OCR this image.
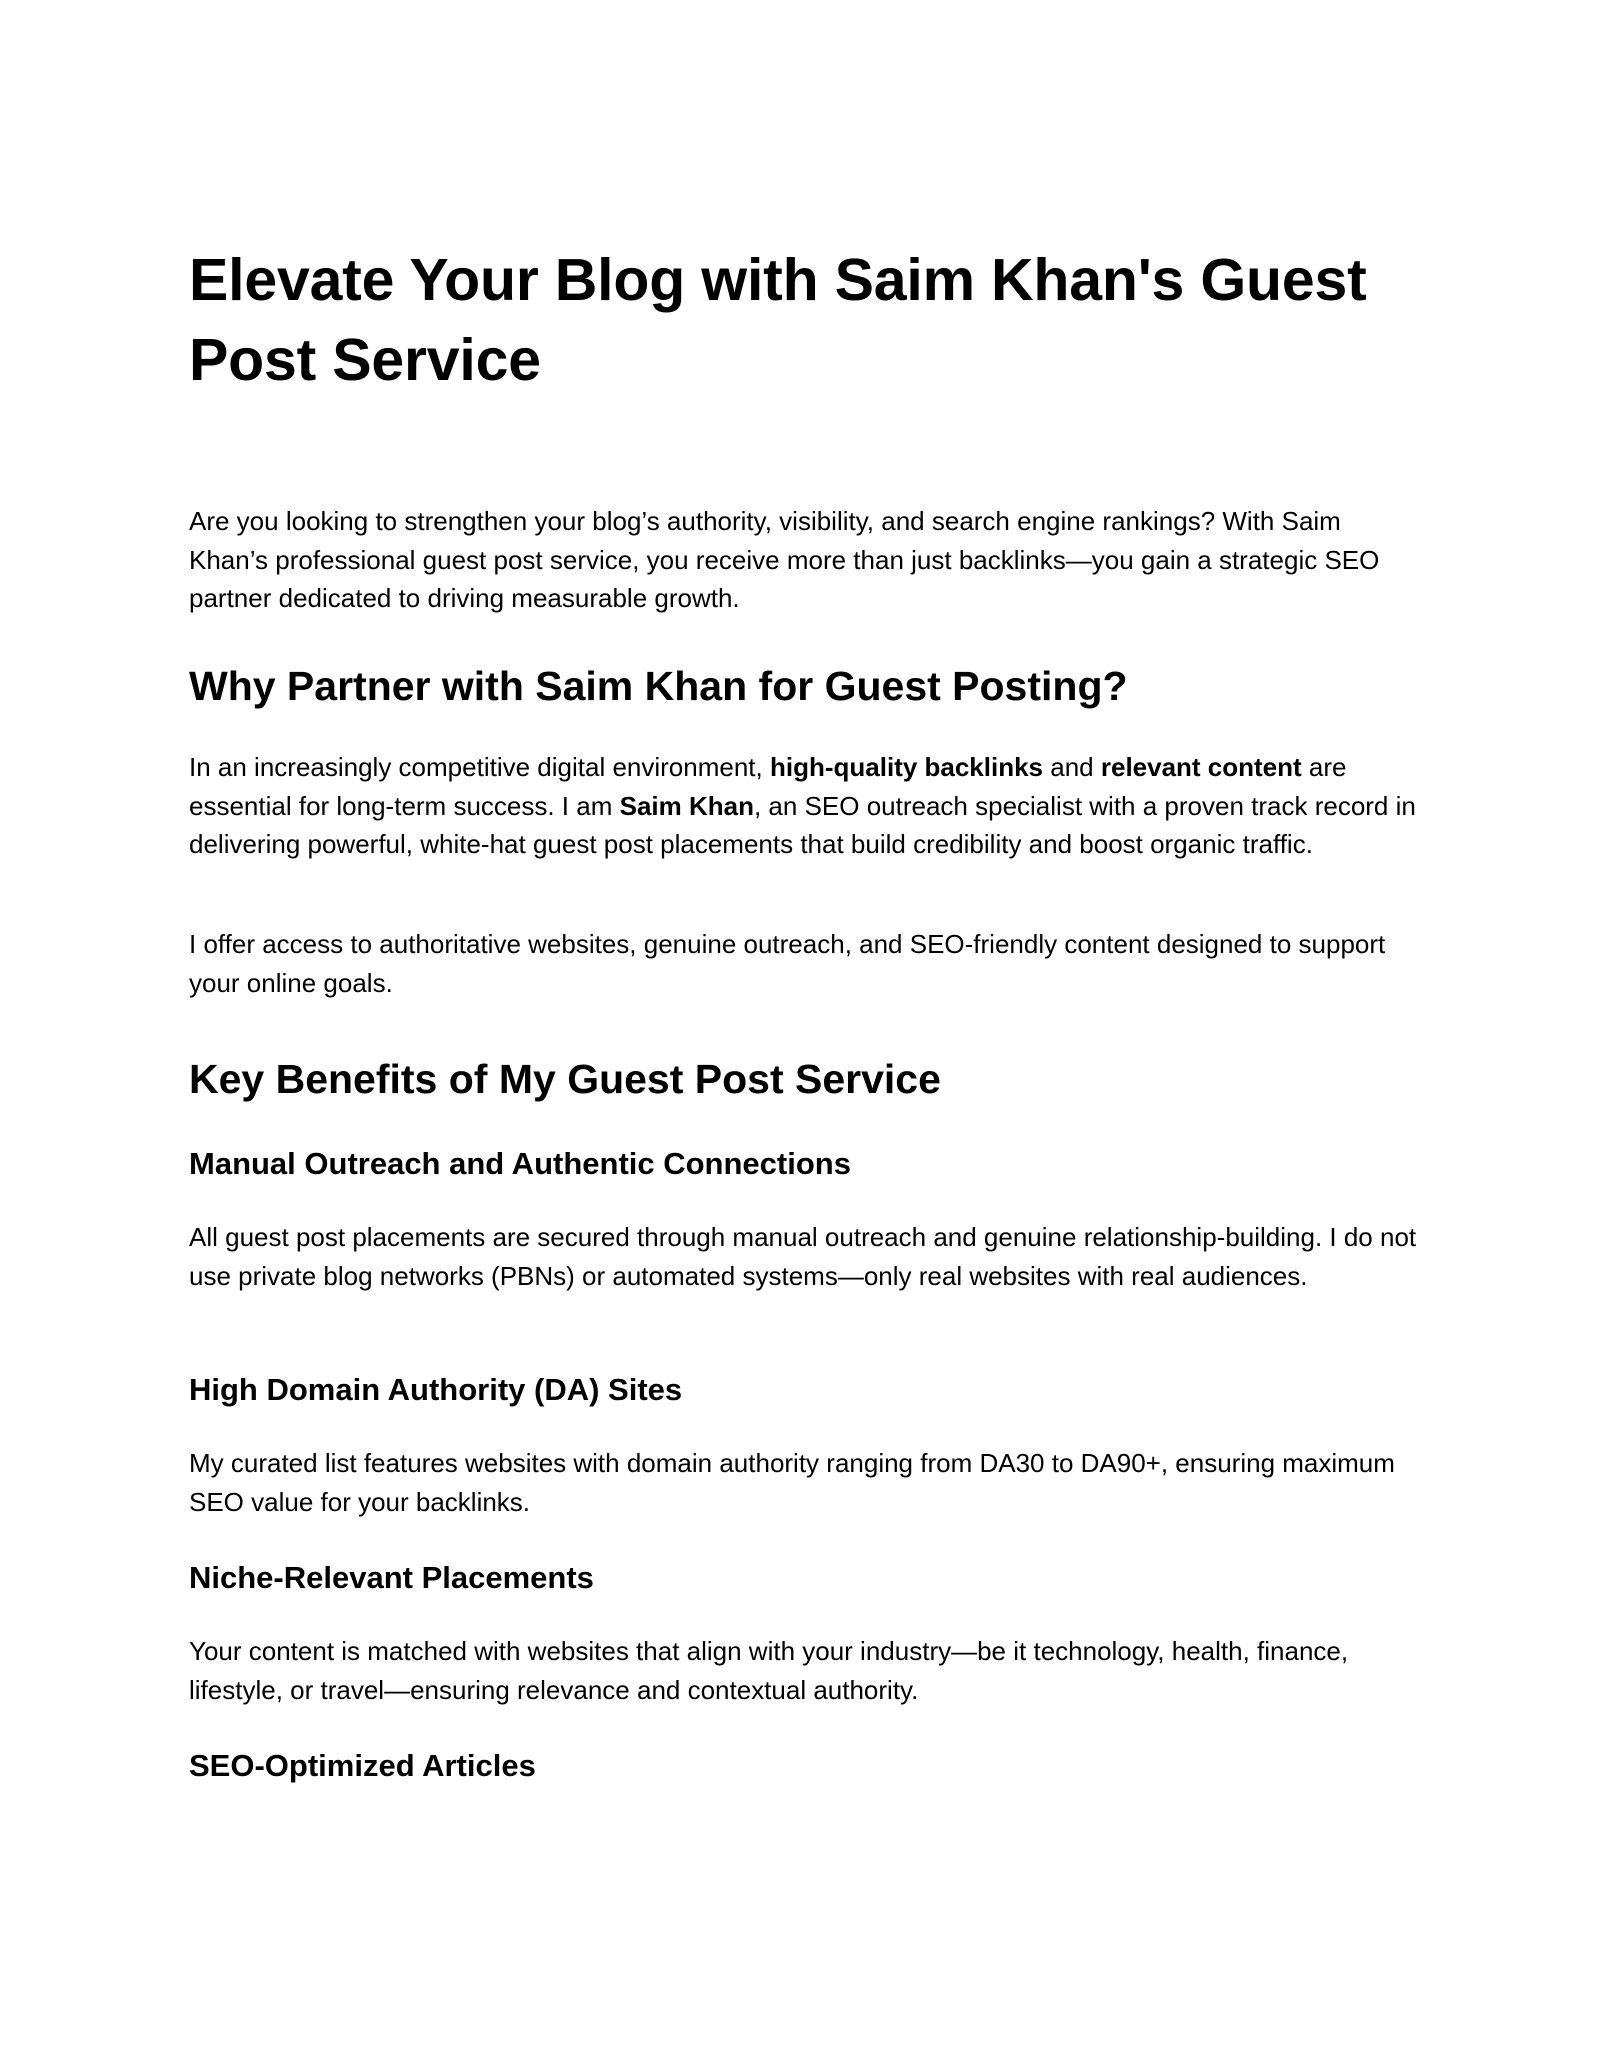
Elevate Your Blog with Saim Khan's Guest Post Service

Are you looking to strengthen your blog’s authority, visibility, and search engine rankings? With Saim Khan’s professional guest post service, you receive more than just backlinks—you gain a strategic SEO partner dedicated to driving measurable growth.

Why Partner with Saim Khan for Guest Posting?

In an increasingly competitive digital environment, high-quality backlinks and relevant content are essential for long-term success. I am Saim Khan, an SEO outreach specialist with a proven track record in delivering powerful, white-hat guest post placements that build credibility and boost organic traffic.

I offer access to authoritative websites, genuine outreach, and SEO-friendly content designed to support your online goals.

Key Benefits of My Guest Post Service
Manual Outreach and Authentic Connections

All guest post placements are secured through manual outreach and genuine relationship-building. I do not use private blog networks (PBNs) or automated systems—only real websites with real audiences.

High Domain Authority (DA) Sites

My curated list features websites with domain authority ranging from DA30 to DA90+, ensuring maximum SEO value for your backlinks.

Niche-Relevant Placements

Your content is matched with websites that align with your industry—be it technology, health, finance, lifestyle, or travel—ensuring relevance and contextual authority.

SEO-Optimized Articles
